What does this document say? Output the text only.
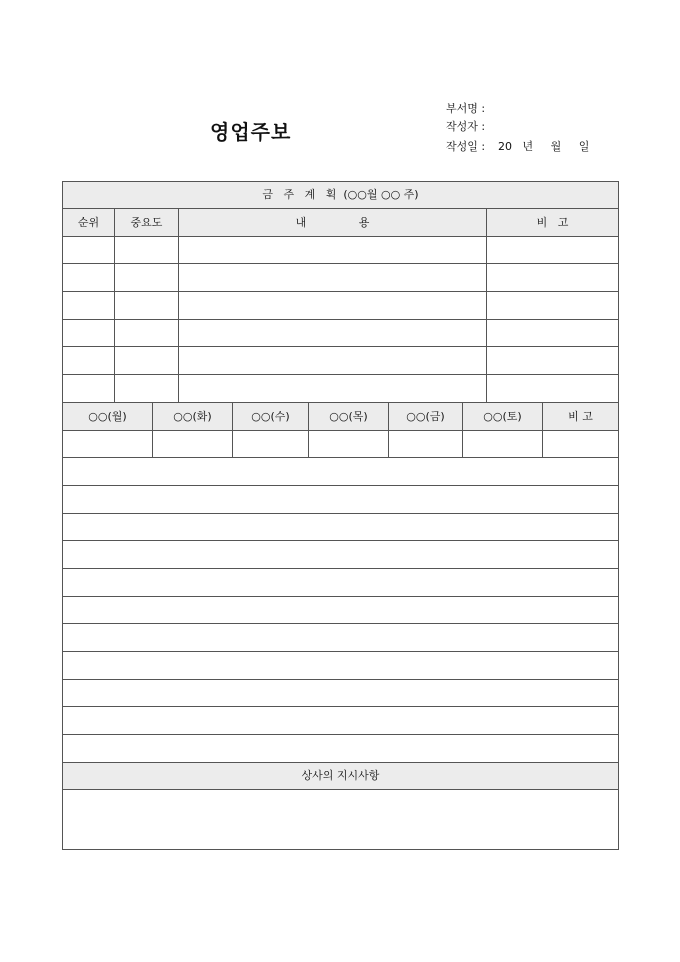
영업주보
부서명 :
작성자 :
작성일 : 20   년     월     일
금   주   계   획  (○○월 ○○ 주)
순위	중요도	내               용	비   고
○○(월)	○○(화)	○○(수)	○○(목)	○○(금)	○○(토)	비 고
상사의 지시사항
